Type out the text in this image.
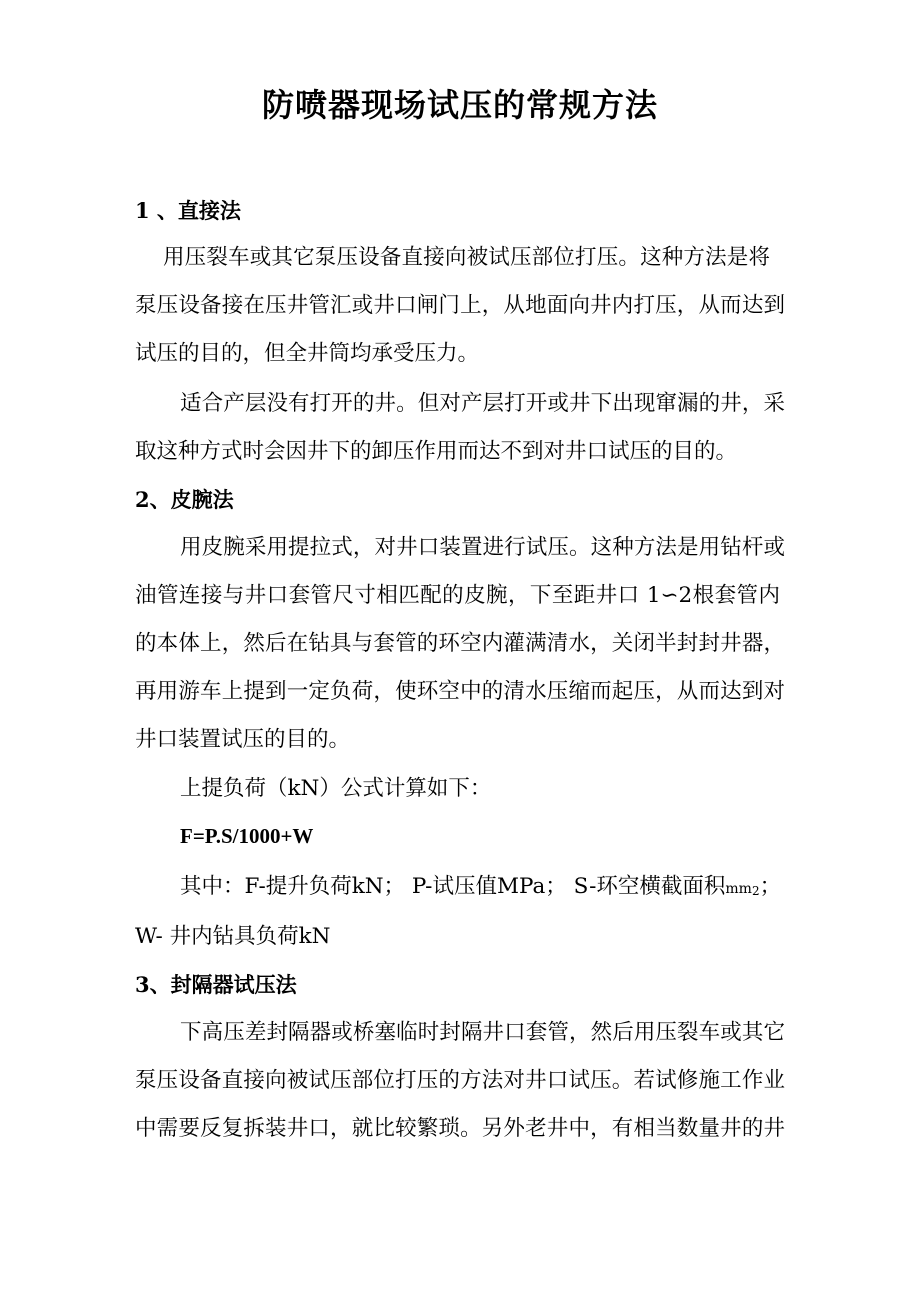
防喷器现场试压的常规方法
1 、直接法
用压裂车或其它泵压设备直接向被试压部位打压。这种方法是将
泵压设备接在压井管汇或井口闸门上，从地面向井内打压，从而达到
试压的目的，但全井筒均承受压力。
适合产层没有打开的井。但对产层打开或井下出现窜漏的井，采
取这种方式时会因井下的卸压作用而达不到对井口试压的目的。
2、皮腕法
用皮腕采用提拉式，对井口装置进行试压。这种方法是用钻杆或
油管连接与井口套管尺寸相匹配的皮腕，下至距井口 1∽2根套管内
的本体上，然后在钻具与套管的环空内灌满清水，关闭半封封井器，
再用游车上提到一定负荷，使环空中的清水压缩而起压，从而达到对
井口装置试压的目的。
上提负荷（kN）公式计算如下：
F=P.S/1000+W
其中：F-提升负荷kN； P-试压值MPa； S-环空横截面积mm2；
W- 井内钻具负荷kN
3、封隔器试压法
下高压差封隔器或桥塞临时封隔井口套管，然后用压裂车或其它
泵压设备直接向被试压部位打压的方法对井口试压。若试修施工作业
中需要反复拆装井口，就比较繁琐。另外老井中，有相当数量井的井
